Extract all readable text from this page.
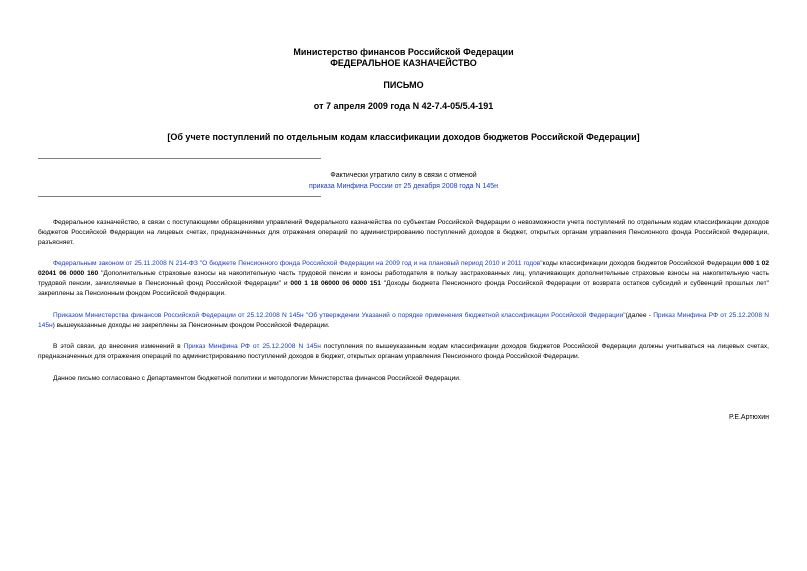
Министерство финансов Российской Федерации
ФЕДЕРАЛЬНОЕ КАЗНАЧЕЙСТВО
ПИСЬМО
от 7 апреля 2009 года N 42-7.4-05/5.4-191
[Об учете поступлений по отдельным кодам классификации доходов бюджетов Российской Федерации]
Фактически утратило силу в связи с отменой
приказа Минфина России от 25 декабря 2008 года N 145н
Федеральное казначейство, в связи с поступающими обращениями управлений Федерального казначейства по субъектам Российской Федерации о невозможности учета поступлений по отдельным кодам классификации доходов бюджетов Российской Федерации на лицевых счетах, предназначенных для отражения операций по администрированию поступлений доходов в бюджет, открытых органам управления Пенсионного фонда Российской Федерации, разъясняет.
Федеральным законом от 25.11.2008 N 214-ФЗ "О бюджете Пенсионного фонда Российской Федерации на 2009 год и на плановый период 2010 и 2011 годов"коды классификации доходов бюджетов Российской Федерации 000 1 02 02041 06 0000 160 "Дополнительные страховые взносы на накопительную часть трудовой пенсии и взносы работодателя в пользу застрахованных лиц, уплачивающих дополнительные страховые взносы на накопительную часть трудовой пенсии, зачисляемые в Пенсионный фонд Российской Федерации" и 000 1 18 06000 06 0000 151 "Доходы бюджета Пенсионного фонда Российской Федерации от возврата остатков субсидий и субвенций прошлых лет" закреплены за Пенсионным фондом Российской Федерации.
Приказом Министерства финансов Российской Федерации от 25.12.2008 N 145н "Об утверждении Указаний о порядке применения бюджетной классификации Российской Федерации"(далее - Приказ Минфина РФ от 25.12.2008 N 145н) вышеуказанные доходы не закреплены за Пенсионным фондом Российской Федерации.
В этой связи, до внесения изменений в Приказ Минфина РФ от 25.12.2008 N 145н поступления по вышеуказанным кодам классификации доходов бюджетов Российской Федерации должны учитываться на лицевых счетах, предназначенных для отражения операций по администрированию поступлений доходов в бюджет, открытых органам управления Пенсионного фонда Российской Федерации.
Данное письмо согласовано с Департаментом бюджетной политики и методологии Министерства финансов Российской Федерации.
Р.Е.Артюхин
